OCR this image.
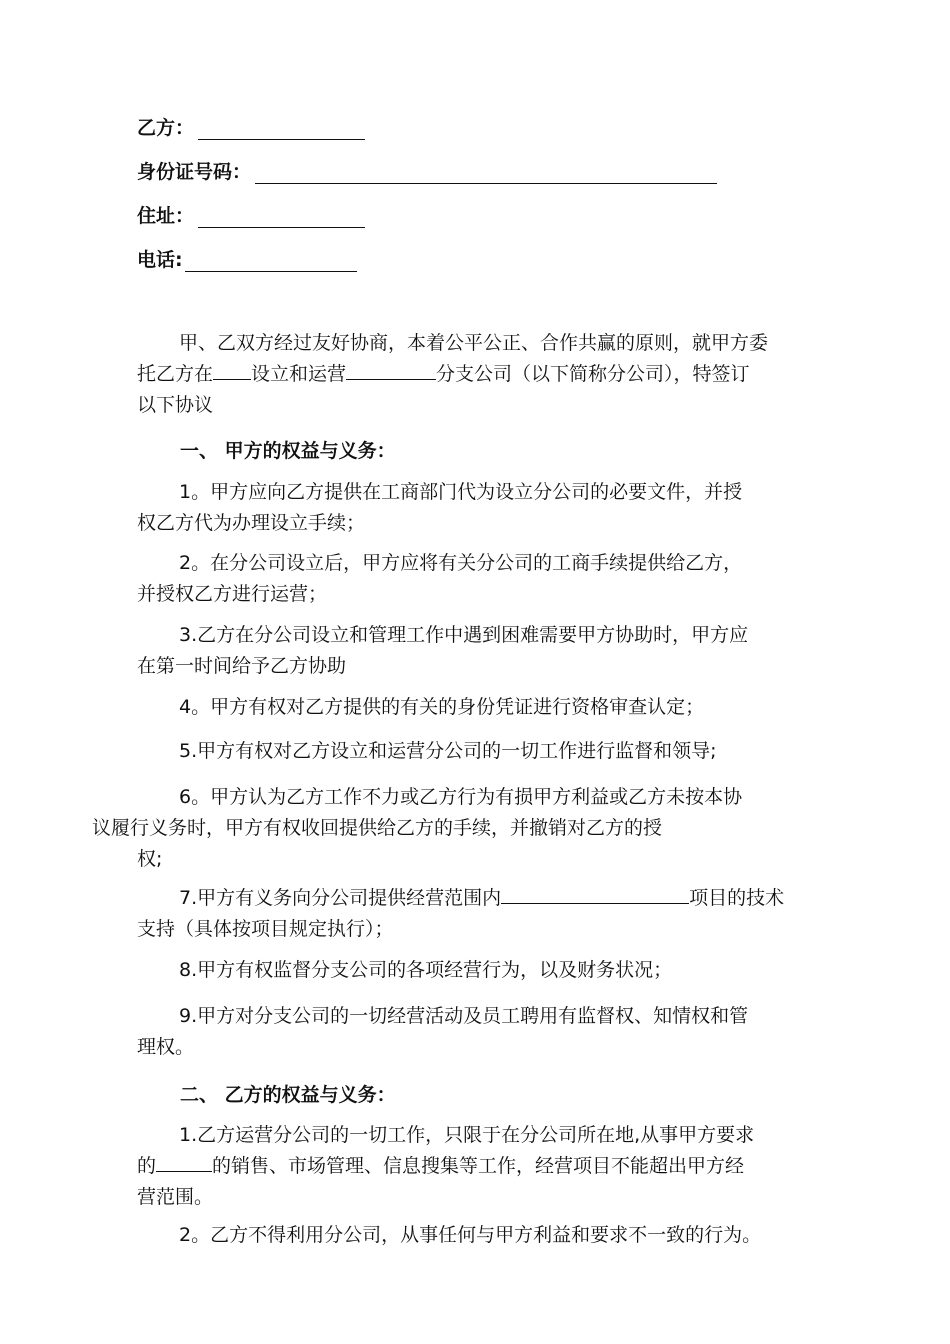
乙方：
身份证号码：
住址：
电话:
甲、乙双方经过友好协商，本着公平公正、合作共赢的原则，就甲方委
托乙方在 设立和运营	分支公司（以下简称分公司），特签订
以下协议
一、 甲方的权益与义务：
1。甲方应向乙方提供在工商部门代为设立分公司的必要文件，并授
权乙方代为办理设立手续；
2。在分公司设立后，甲方应将有关分公司的工商手续提供给乙方，
并授权乙方进行运营；
3.乙方在分公司设立和管理工作中遇到困难需要甲方协助时，甲方应
在第一时间给予乙方协助
4。甲方有权对乙方提供的有关的身份凭证进行资格审查认定；
5.甲方有权对乙方设立和运营分公司的一切工作进行监督和领导;
6。甲方认为乙方工作不力或乙方行为有损甲方利益或乙方未按本协
议履行义务时，甲方有权收回提供给乙方的手续，并撤销对乙方的授
权;
7.甲方有义务向分公司提供经营范围内	项目的技术
支持（具体按项目规定执行）；
8.甲方有权监督分支公司的各项经营行为，以及财务状况；
9.甲方对分支公司的一切经营活动及员工聘用有监督权、知情权和管
理权。
二、 乙方的权益与义务：
1.乙方运营分公司的一切工作，只限于在分公司所在地,从事甲方要求
的	的销售、市场管理、信息搜集等工作，经营项目不能超出甲方经
营范围。
2。乙方不得利用分公司，从事任何与甲方利益和要求不一致的行为。
